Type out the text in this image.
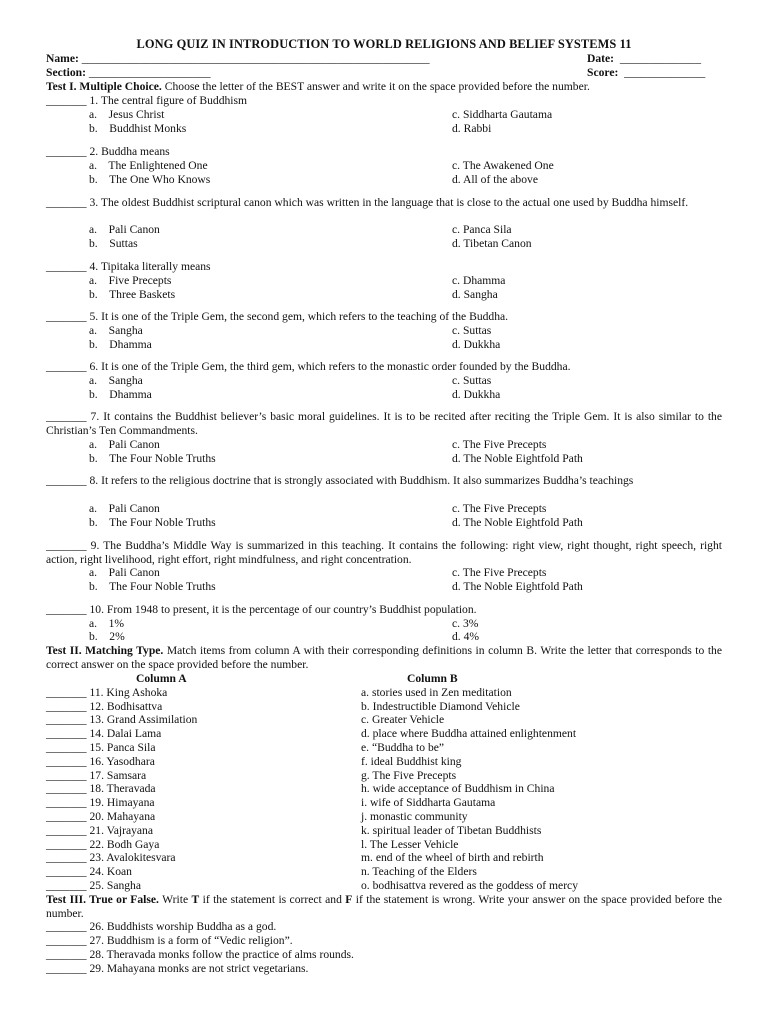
LONG QUIZ IN INTRODUCTION TO WORLD RELIGIONS AND BELIEF SYSTEMS 11
Name: ____________________________________________________________	Date: ______________
Section: _____________________	Score: ______________
Test I. Multiple Choice. Choose the letter of the BEST answer and write it on the space provided before the number.
_______ 1. The central figure of Buddhism
a.    Jesus Christ	c. Siddharta Gautama
b.    Buddhist Monks	d. Rabbi
_______ 2. Buddha means
a.    The Enlightened One	c. The Awakened One
b.    The One Who Knows	d. All of the above
_______ 3. The oldest Buddhist scriptural canon which was written in the language that is close to the actual one used by Buddha himself.
a.    Pali Canon	c. Panca Sila
b.    Suttas	d. Tibetan Canon
_______ 4. Tipitaka literally means
a.    Five Precepts	c. Dhamma
b.    Three Baskets	d. Sangha
_______ 5. It is one of the Triple Gem, the second gem, which refers to the teaching of the Buddha.
a.    Sangha	c. Suttas
b.    Dhamma	d. Dukkha
_______ 6. It is one of the Triple Gem, the third gem, which refers to the monastic order founded by the Buddha.
a.    Sangha	c. Suttas
b.    Dhamma	d. Dukkha
_______ 7. It contains the Buddhist believer’s basic moral guidelines. It is to be recited after reciting the Triple Gem. It is also similar to the Christian’s Ten Commandments.
a.    Pali Canon	c. The Five Precepts
b.    The Four Noble Truths	d. The Noble Eightfold Path
_______ 8. It refers to the religious doctrine that is strongly associated with Buddhism. It also summarizes Buddha’s teachings
a.    Pali Canon	c. The Five Precepts
b.    The Four Noble Truths	d. The Noble Eightfold Path
_______ 9. The Buddha’s Middle Way is summarized in this teaching. It contains the following: right view, right thought, right speech, right action, right livelihood, right effort, right mindfulness, and right concentration.
a.    Pali Canon	c. The Five Precepts
b.    The Four Noble Truths	d. The Noble Eightfold Path
_______ 10. From 1948 to present, it is the percentage of our country’s Buddhist population.
a.    1%	c. 3%
b.    2%	d. 4%
Test II. Matching Type. Match items from column A with their corresponding definitions in column B. Write the letter that corresponds to the correct answer on the space provided before the number.
Column A	Column B
_______ 11. King Ashoka	a. stories used in Zen meditation
_______ 12. Bodhisattva	b. Indestructible Diamond Vehicle
_______ 13. Grand Assimilation	c. Greater Vehicle
_______ 14. Dalai Lama	d. place where Buddha attained enlightenment
_______ 15. Panca Sila	e. “Buddha to be”
_______ 16. Yasodhara	f. ideal Buddhist king
_______ 17. Samsara	g. The Five Precepts
_______ 18. Theravada	h. wide acceptance of Buddhism in China
_______ 19. Himayana	i. wife of Siddharta Gautama
_______ 20. Mahayana	j. monastic community
_______ 21. Vajrayana	k. spiritual leader of Tibetan Buddhists
_______ 22. Bodh Gaya	l. The Lesser Vehicle
_______ 23. Avalokitesvara	m. end of the wheel of birth and rebirth
_______ 24. Koan	n. Teaching of the Elders
_______ 25. Sangha	o. bodhisattva revered as the goddess of mercy
Test III. True or False. Write T if the statement is correct and F if the statement is wrong. Write your answer on the space provided before the number.
_______ 26. Buddhists worship Buddha as a god.
_______ 27. Buddhism is a form of “Vedic religion”.
_______ 28. Theravada monks follow the practice of alms rounds.
_______ 29. Mahayana monks are not strict vegetarians.
